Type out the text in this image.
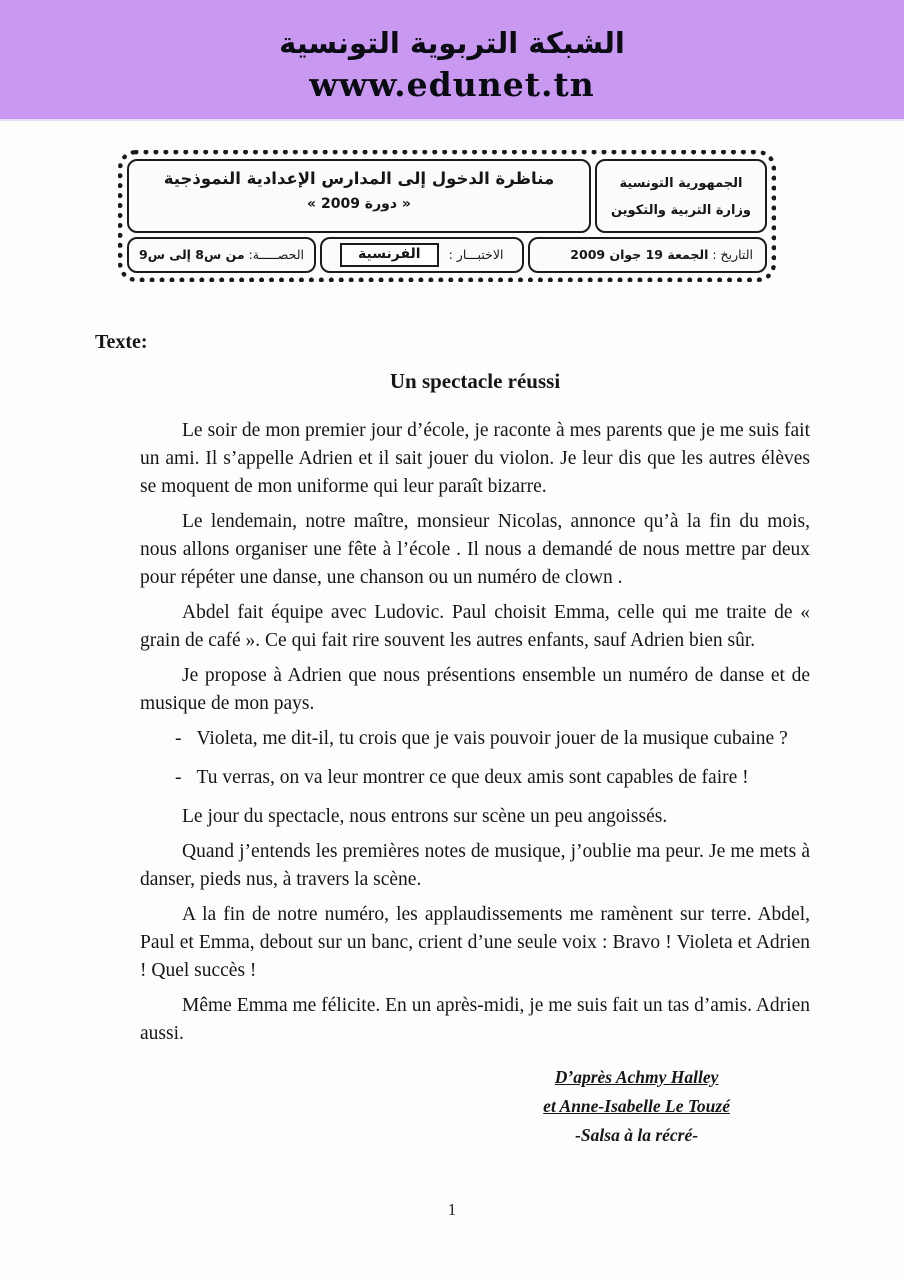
الشبكة التربوية التونسية
www.edunet.tn
الجمهورية التونسية
وزارة التربية والتكوين
مناظرة الدخول إلى المدارس الإعدادية النموذجية
« دورة 2009 »
التاريخ : الجمعة 19 جوان 2009
الاختبـــار :
الفرنسية
الحصـــــة: من س8 إلى س9
Texte:
Un spectacle réussi

Le soir de mon premier jour d’école, je raconte à mes parents que je me suis fait un ami. Il s’appelle Adrien et il sait jouer du violon. Je leur dis que les autres élèves se moquent de mon uniforme qui leur paraît bizarre.

Le lendemain, notre maître, monsieur Nicolas, annonce qu’à la fin du mois, nous allons organiser une fête à l’école . Il nous a demandé de nous mettre par deux pour répéter une danse, une chanson ou un numéro de clown .

Abdel fait équipe avec Ludovic. Paul choisit Emma, celle qui me traite de « grain de café ». Ce qui fait rire souvent les autres enfants, sauf Adrien bien sûr.

Je propose à Adrien que nous présentions ensemble un numéro de danse et de musique de mon pays.

- Violeta, me dit-il, tu crois que je vais pouvoir jouer de la musique cubaine ?
- Tu verras, on va leur montrer ce que deux amis sont capables de faire !

Le jour du spectacle, nous entrons sur scène un peu angoissés.

Quand j’entends les premières notes de musique, j’oublie ma peur. Je me mets à danser, pieds nus, à travers la scène.

A la fin de notre numéro, les applaudissements me ramènent sur terre. Abdel, Paul et Emma, debout sur un banc, crient d’une seule voix : Bravo ! Violeta et Adrien ! Quel succès !

Même Emma me félicite. En un après-midi, je me suis fait un tas d’amis. Adrien aussi.

D’après Achmy Halley
et Anne-Isabelle Le Touzé
-Salsa à la récré-
1
